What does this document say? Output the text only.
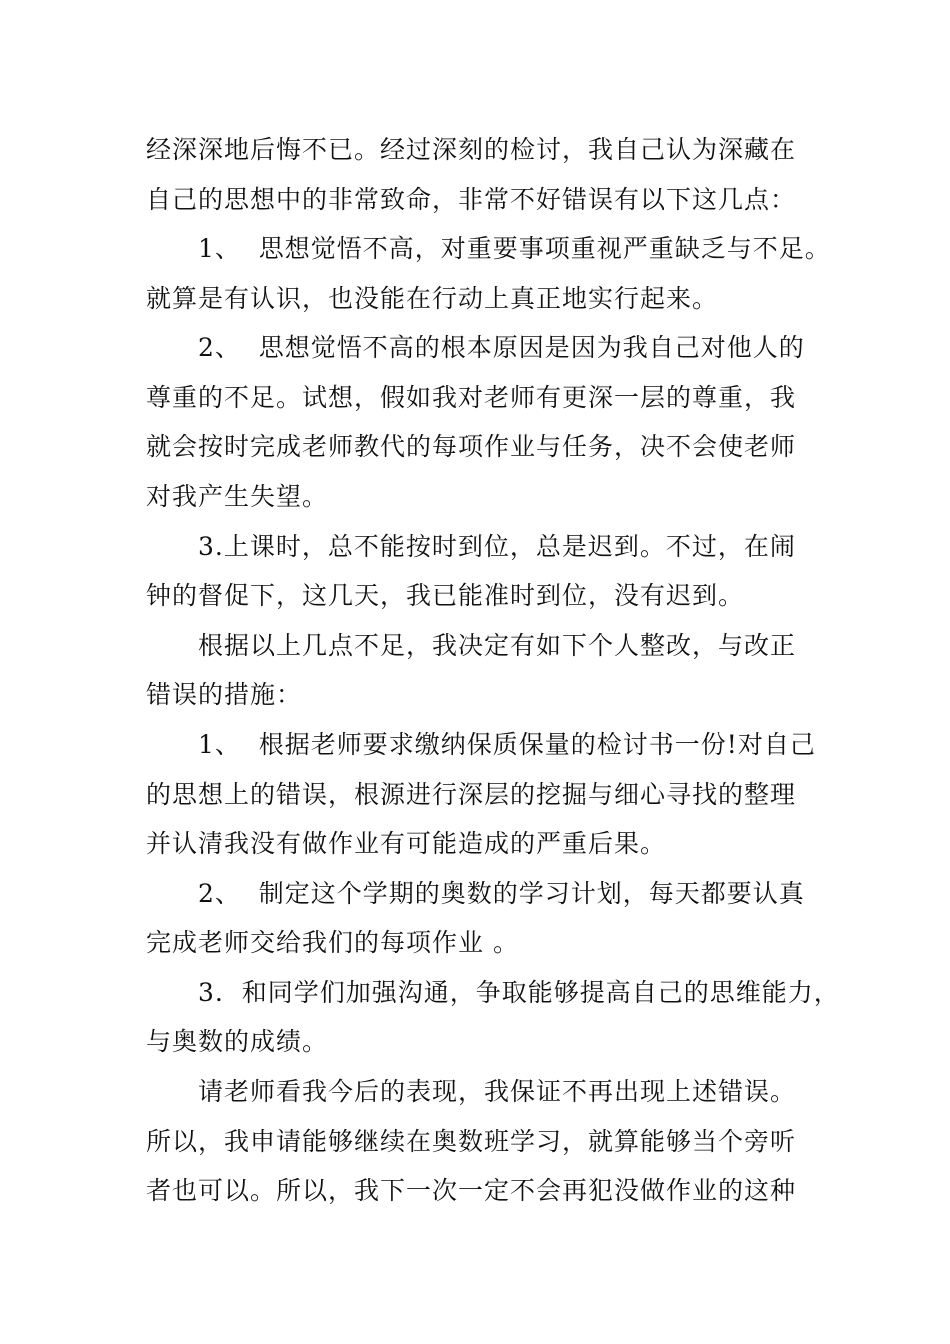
经深深地后悔不已。经过深刻的检讨，我自己认为深藏在
自己的思想中的非常致命，非常不好错误有以下这几点：
1、  思想觉悟不高，对重要事项重视严重缺乏与不足。
就算是有认识，也没能在行动上真正地实行起来。
2、  思想觉悟不高的根本原因是因为我自己对他人的
尊重的不足。试想，假如我对老师有更深一层的尊重，我
就会按时完成老师教代的每项作业与任务，决不会使老师
对我产生失望。
3.上课时，总不能按时到位，总是迟到。不过，在闹
钟的督促下，这几天，我已能准时到位，没有迟到。
根据以上几点不足，我决定有如下个人整改，与改正
错误的措施：
1、  根据老师要求缴纳保质保量的检讨书一份!对自己
的思想上的错误，根源进行深层的挖掘与细心寻找的整理
并认清我没有做作业有可能造成的严重后果。
2、  制定这个学期的奥数的学习计划，每天都要认真
完成老师交给我们的每项作业 。
3.  和同学们加强沟通，争取能够提高自己的思维能力，
与奥数的成绩。
请老师看我今后的表现，我保证不再出现上述错误。
所以，我申请能够继续在奥数班学习，就算能够当个旁听
者也可以。所以，我下一次一定不会再犯没做作业的这种
